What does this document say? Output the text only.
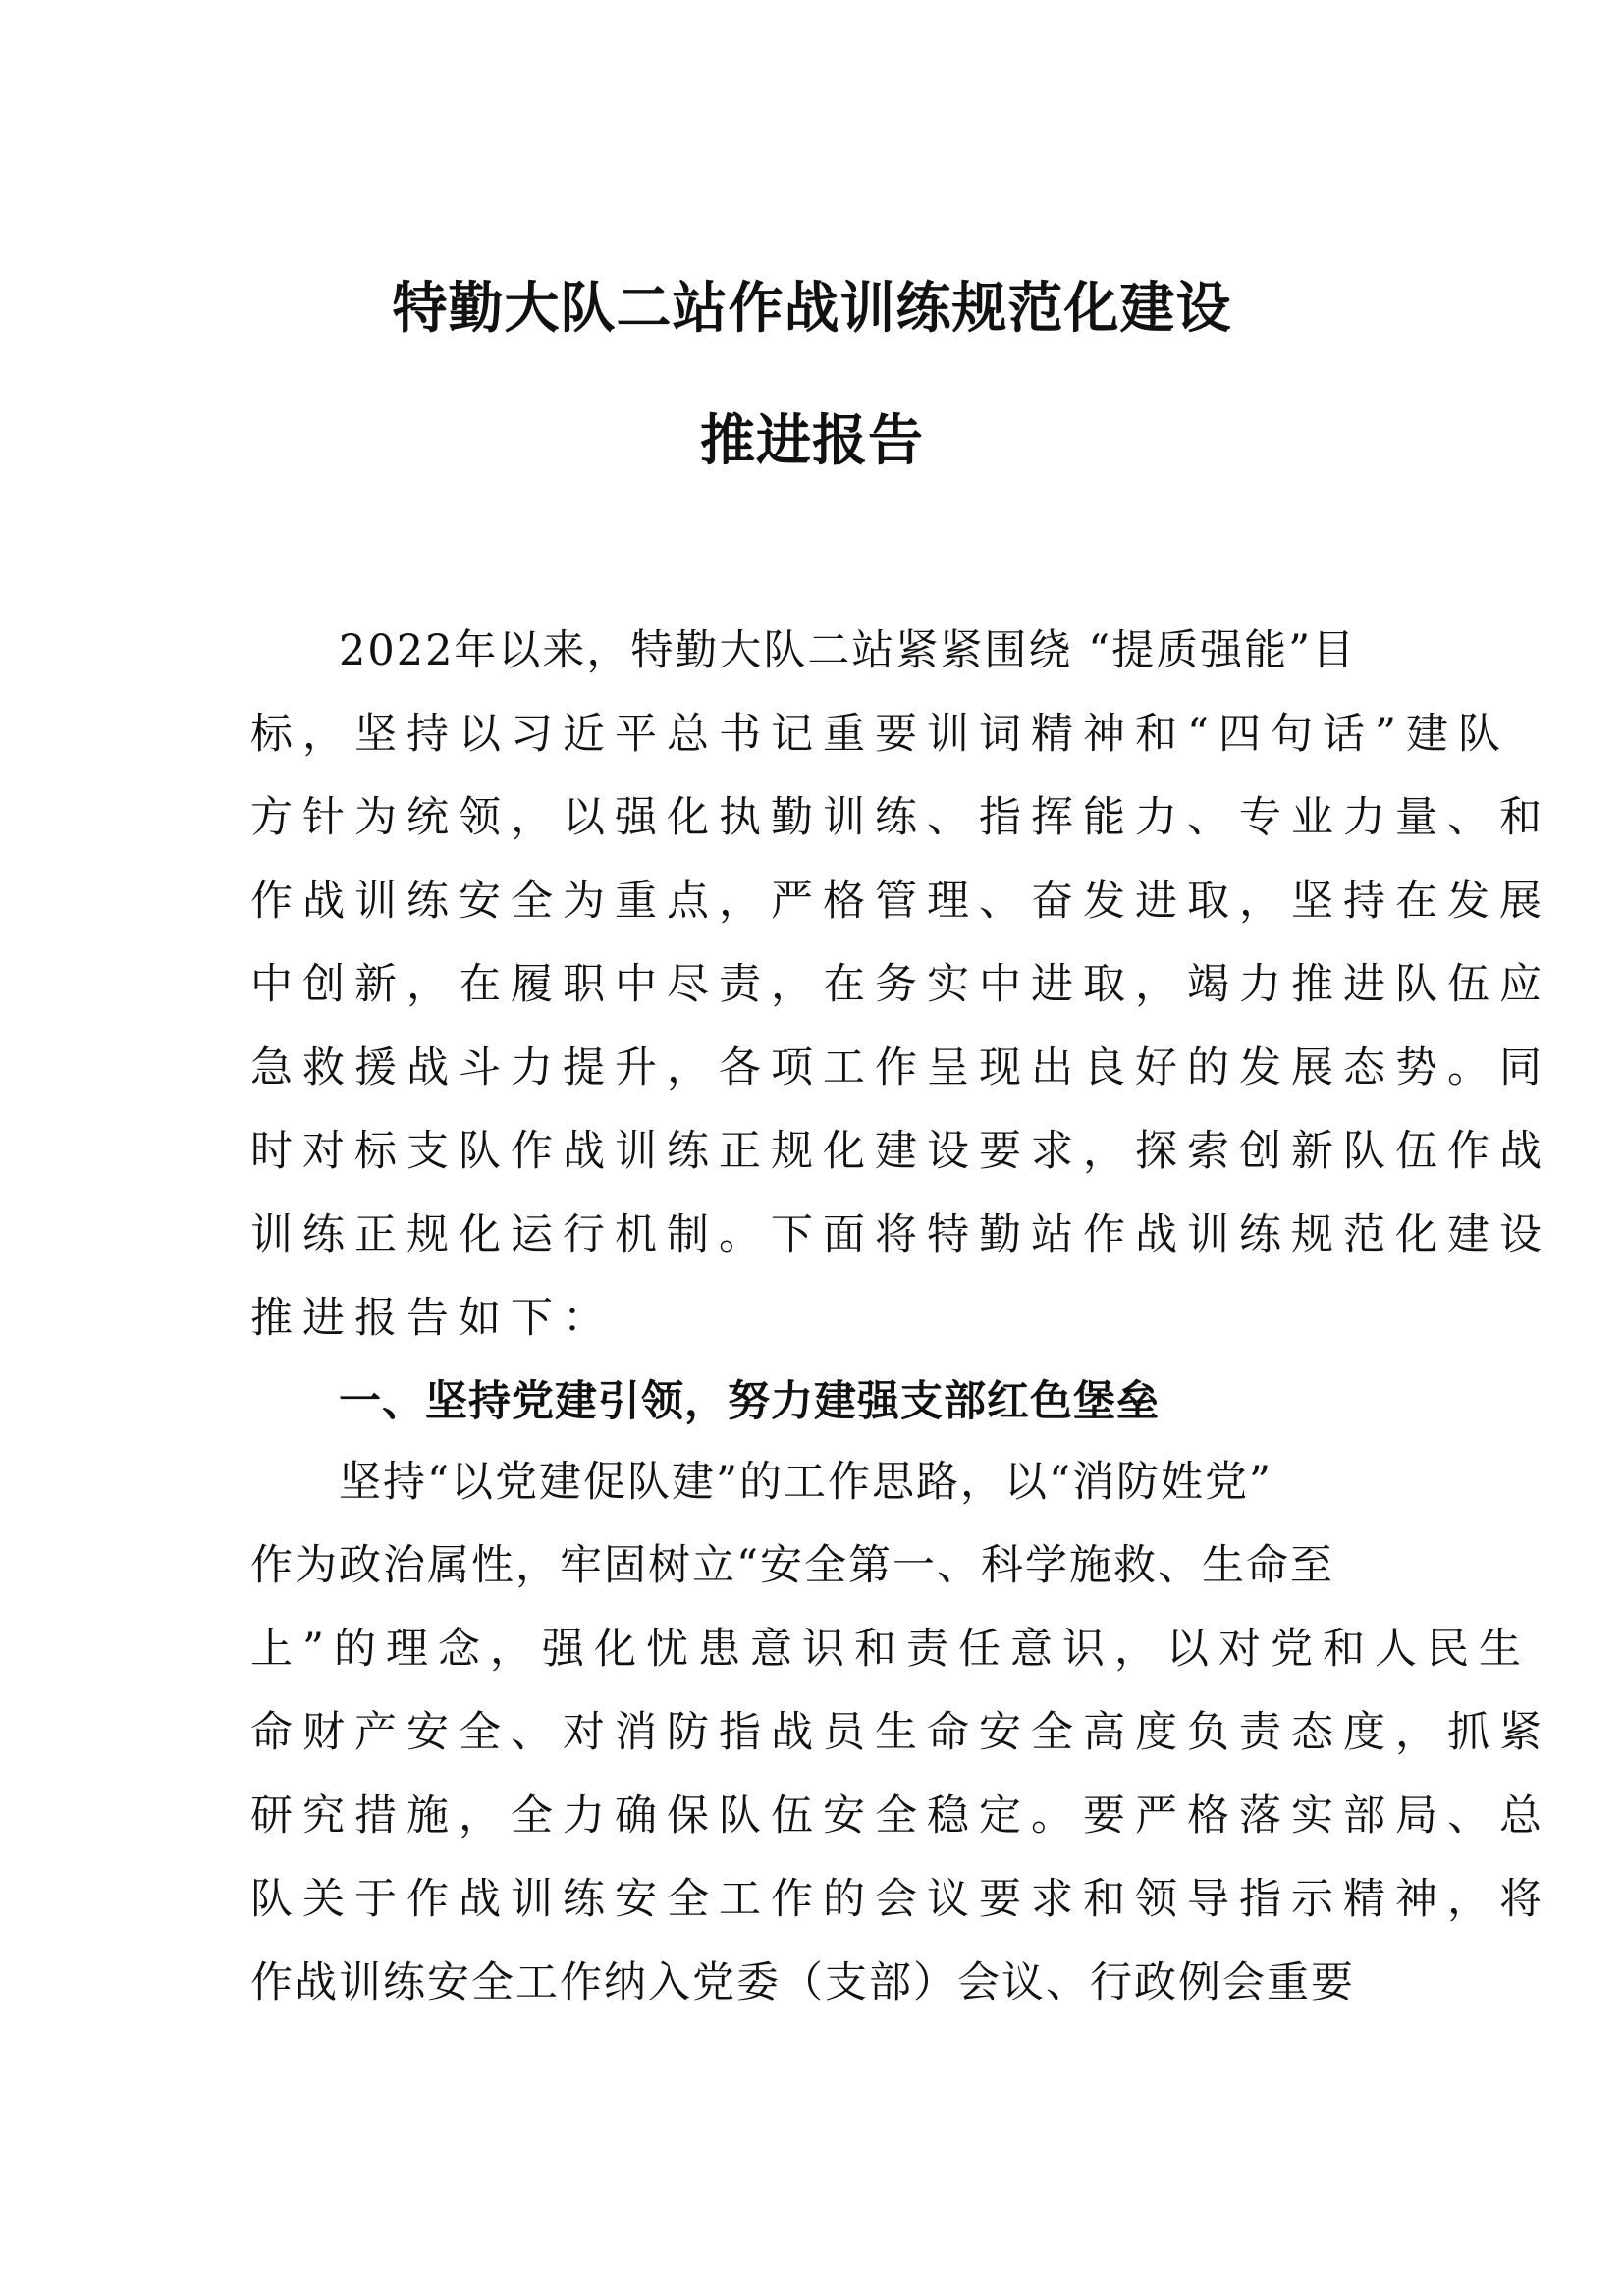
特勤大队二站作战训练规范化建设
推进报告
2022年以来，特勤大队二站紧紧围绕 “提质强能”目
标，坚持以习近平总书记重要训词精神和“四句话”建队
方针为统领，以强化执勤训练、指挥能力、专业力量、和
作战训练安全为重点，严格管理、奋发进取，坚持在发展
中创新，在履职中尽责，在务实中进取，竭力推进队伍应
急救援战斗力提升，各项工作呈现出良好的发展态势。同
时对标支队作战训练正规化建设要求，探索创新队伍作战
训练正规化运行机制。下面将特勤站作战训练规范化建设
推进报告如下：
一、坚持党建引领，努力建强支部红色堡垒
坚持“以党建促队建”的工作思路，以“消防姓党”
作为政治属性，牢固树立“安全第一、科学施救、生命至
上”的理念，强化忧患意识和责任意识，以对党和人民生
命财产安全、对消防指战员生命安全高度负责态度，抓紧
研究措施，全力确保队伍安全稳定。要严格落实部局、总
队关于作战训练安全工作的会议要求和领导指示精神，将
作战训练安全工作纳入党委（支部）会议、行政例会重要
